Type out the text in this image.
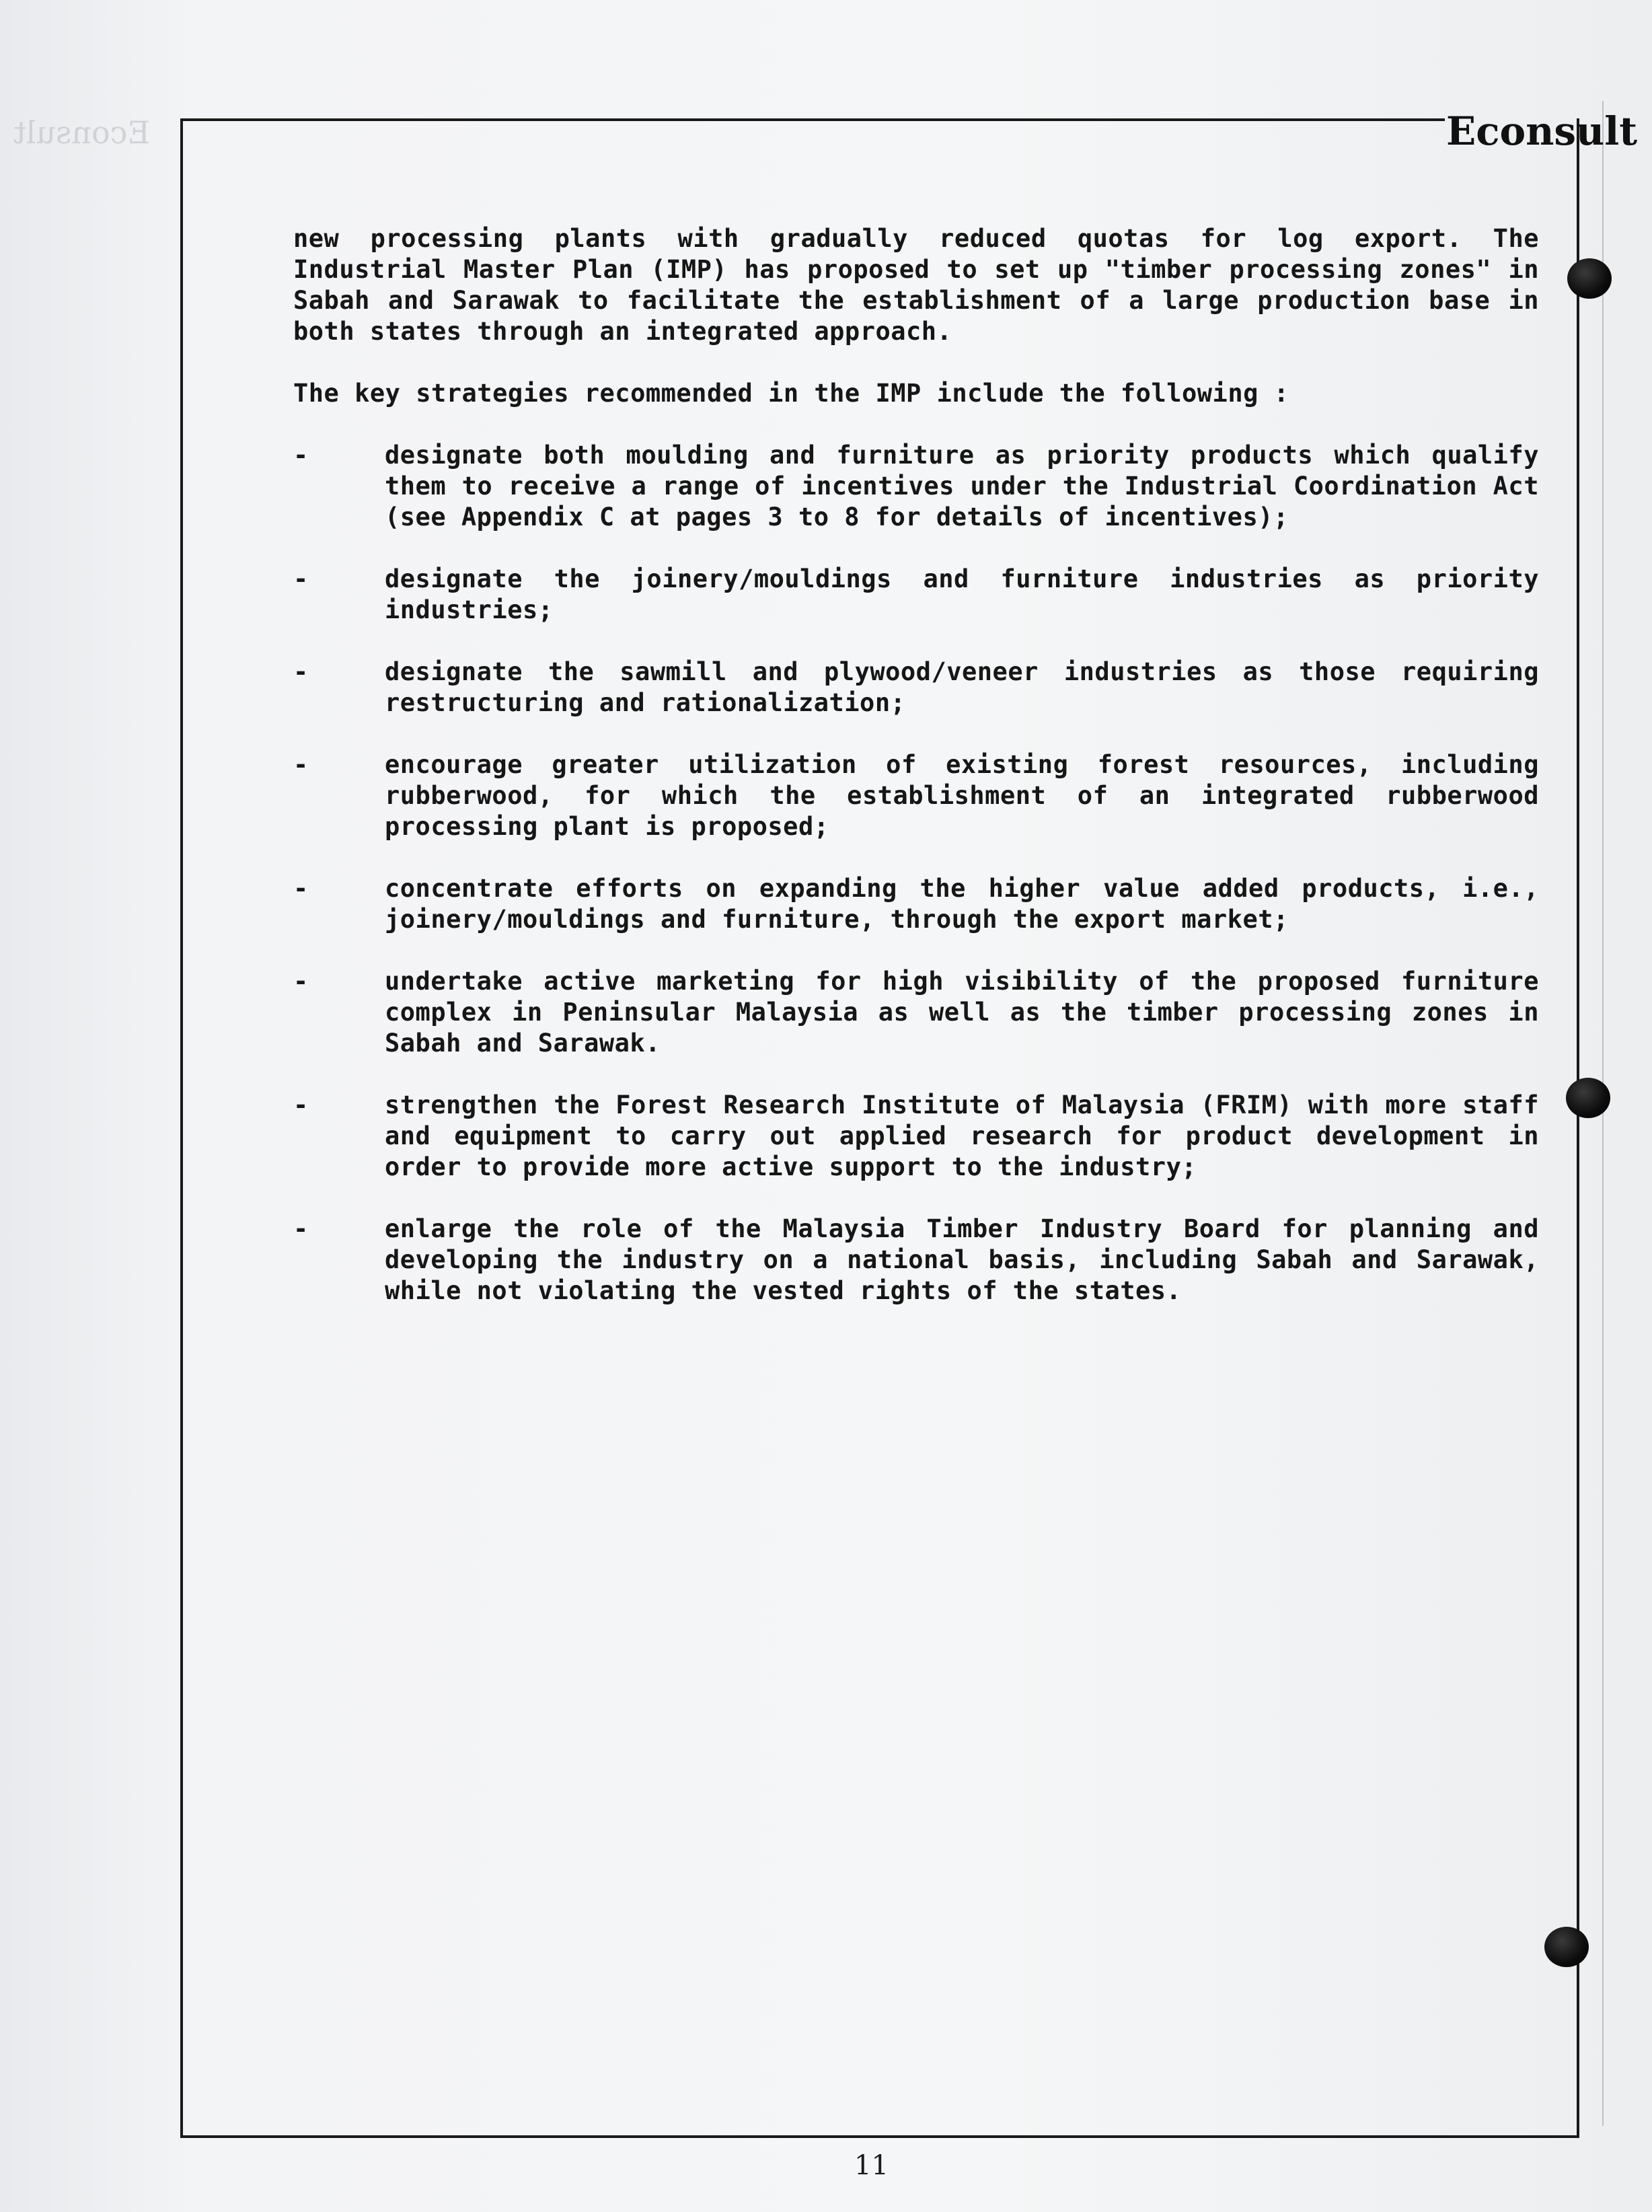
Econsult	Econsult

new processing plants with gradually reduced quotas for log export. The Industrial Master Plan (IMP) has proposed to set up "timber processing zones" in Sabah and Sarawak to facilitate the establishment of a large production base in both states through an integrated approach.

The key strategies recommended in the IMP include the following :

-	designate both moulding and furniture as priority products which qualify them to receive a range of incentives under the Industrial Coordination Act (see Appendix C at pages 3 to 8 for details of incentives);
-	designate the joinery/mouldings and furniture industries as priority industries;
-	designate the sawmill and plywood/veneer industries as those requiring restructuring and rationalization;
-	encourage greater utilization of existing forest resources, including rubberwood, for which the establishment of an integrated rubberwood processing plant is proposed;
-	concentrate efforts on expanding the higher value added products, i.e., joinery/mouldings and furniture, through the export market;
-	undertake active marketing for high visibility of the proposed furniture complex in Peninsular Malaysia as well as the timber processing zones in Sabah and Sarawak.
-	strengthen the Forest Research Institute of Malaysia (FRIM) with more staff and equipment to carry out applied research for product development in order to provide more active support to the industry;
-	enlarge the role of the Malaysia Timber Industry Board for planning and developing the industry on a national basis, including Sabah and Sarawak, while not violating the vested rights of the states.
11
